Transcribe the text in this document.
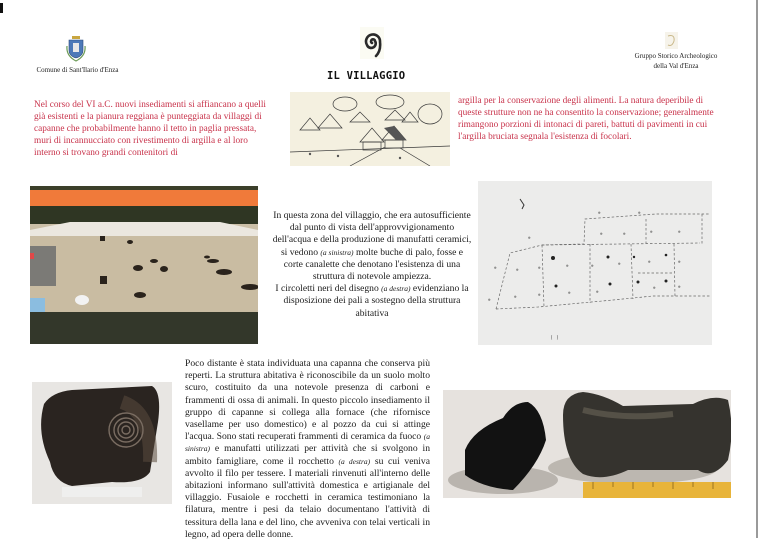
Comune di Sant'Ilario d'Enza	IL VILLAGGIO
Gruppo Storico Archeologico
della Val d'Enza
Nel corso del VI a.C. nuovi insediamenti si affiancano a quelli già esistenti e la pianura reggiana è punteggiata da villaggi di capanne che probabilmente hanno il tetto in paglia pressata, muri di incannucciato con rivestimento di argilla e al loro interno si trovano grandi contenitori di
argilla per la conservazione degli alimenti. La natura deperibile di queste strutture non ne ha consentito la conservazione; generalmente rimangono porzioni di intonaci di pareti, battuti di pavimenti in cui l'argilla bruciata segnala l'esistenza di focolari.
In questa zona del villaggio, che era autosufficiente dal punto di vista dell'approvvigionamento dell'acqua e della produzione di manufatti ceramici, si vedono (a sinistra) molte buche di palo, fosse e corte canalette che denotano l'esistenza di una struttura di notevole ampiezza.
I circoletti neri del disegno (a destra) evidenziano la disposizione dei pali a sostegno della struttura abitativa
⊕	⊕
⊕
⊕	⊕	⊕	⊕
⊕	⊕	⊕	⊕	⊕	⊕	⊕
⊕
⊕	⊕	⊕	⊕
⊕	⊕
⊕
( )
Poco distante è stata individuata una capanna che conserva più reperti. La struttura abitativa è riconoscibile da un suolo molto scuro, costituito da una notevole presenza di carboni e frammenti di ossa di animali. In questo piccolo insediamento il gruppo di capanne si collega alla fornace (che rifornisce vasellame per uso domestico) e al pozzo da cui si attinge l'acqua. Sono stati recuperati frammenti di ceramica da fuoco (a sinistra) e manufatti utilizzati per attività che si svolgono in ambito famigliare, come il rocchetto (a destra) su cui veniva avvolto il filo per tessere. I materiali rinvenuti all'interno delle abitazioni informano sull'attività domestica e artigianale del villaggio. Fusaiole e rocchetti in ceramica testimoniano la filatura, mentre i pesi da telaio documentano l'attività di tessitura della lana e del lino, che avveniva con telai verticali in legno, ad opera delle donne.
